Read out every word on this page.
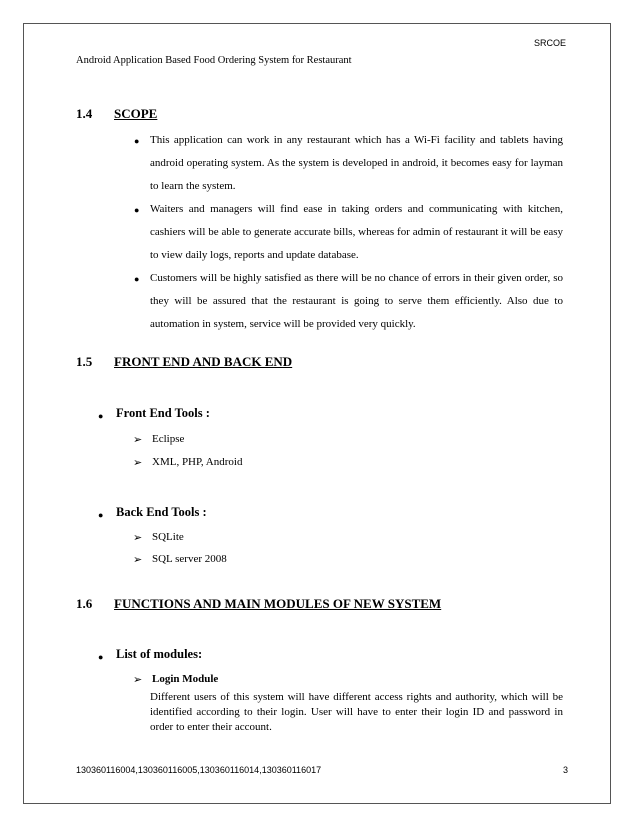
SRCOE
Android Application Based Food Ordering System for Restaurant
1.4 SCOPE
● This application can work in any restaurant which has a Wi-Fi facility and tablets having android operating system. As the system is developed in android, it becomes easy for layman to learn the system.
● Waiters and managers will find ease in taking orders and communicating with kitchen, cashiers will be able to generate accurate bills, whereas for admin of restaurant it will be easy to view daily logs, reports and update database.
● Customers will be highly satisfied as there will be no chance of errors in their given order, so they will be assured that the restaurant is going to serve them efficiently. Also due to automation in system, service will be provided very quickly.
1.5 FRONT END AND BACK END
● Front End Tools :
➢ Eclipse
➢ XML, PHP, Android
● Back End Tools :
➢ SQLite
➢ SQL server 2008
1.6 FUNCTIONS AND MAIN MODULES OF NEW SYSTEM
● List of modules:
➢ Login Module
Different users of this system will have different access rights and authority, which will be identified according to their login. User will have to enter their login ID and password in order to enter their account.
130360116004,130360116005,130360116014,130360116017	3
